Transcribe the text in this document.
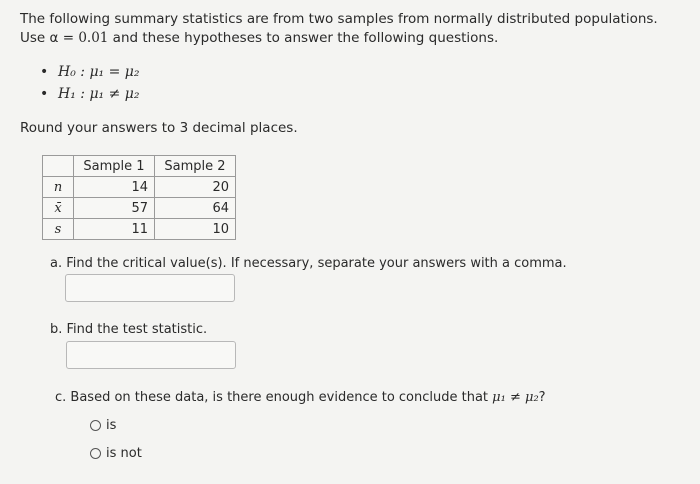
The following summary statistics are from two samples from normally distributed populations.
Use α = 0.01 and these hypotheses to answer the following questions.
• H₀ : μ₁ = μ₂
• H₁ : μ₁ ≠ μ₂
Round your answers to 3 decimal places.
	Sample 1	Sample 2
n	14	20
x̄	57	64
s	11	10
a. Find the critical value(s). If necessary, separate your answers with a comma.
b. Find the test statistic.
c. Based on these data, is there enough evidence to conclude that μ₁ ≠ μ₂?
is
is not
